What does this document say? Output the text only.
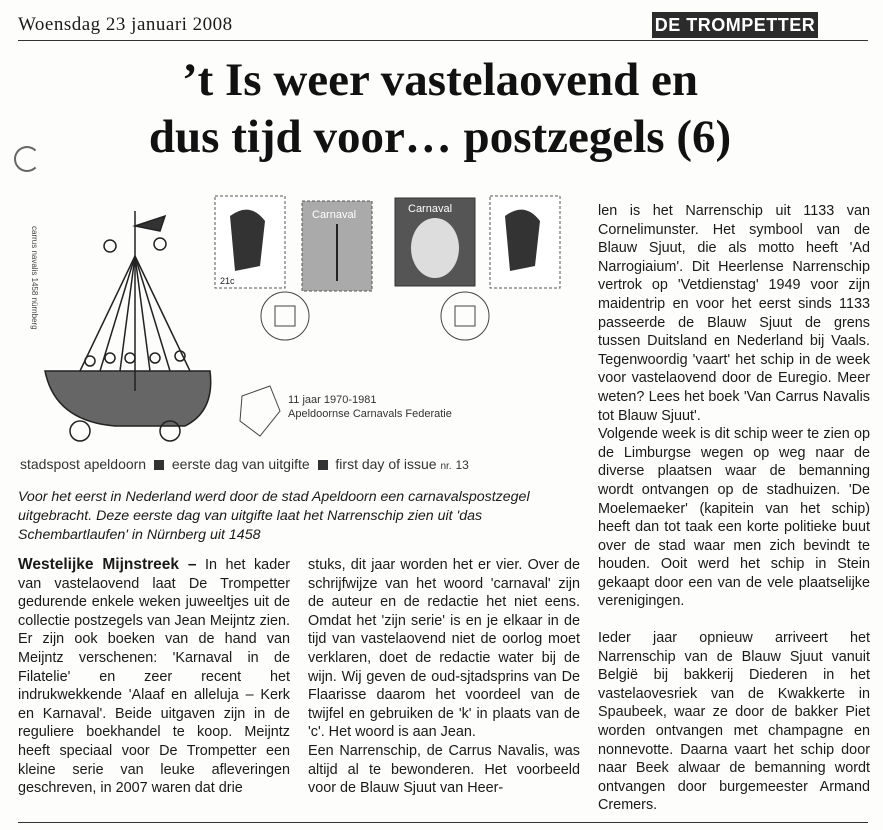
Woensdag 23 januari 2008	DE TROMPETTER
’t Is weer vastelaovend en
dus tijd voor… postzegels (6)
carrus navalis 1458 nürnberg	21c
Carnaval	Carnaval
11 jaar 1970-1981
Apeldoornse Carnavals Federatie
stadspost apeldoorn eerste dag van uitgifte first day of issue nr. 13
Voor het eerst in Nederland werd door de stad Apeldoorn een carnavalspostzegel uitgebracht. Deze eerste dag van uitgifte laat het Narrenschip zien uit 'das Schembartlaufen' in Nürnberg uit 1458

Westelijke Mijnstreek – In het kader van vastelaovend laat De Trompetter gedurende enkele weken juweeltjes uit de collectie postzegels van Jean Meijntz zien. Er zijn ook boeken van de hand van Meijntz verschenen: 'Karnaval in de Filatelie' en zeer recent het indrukwekkende 'Alaaf en alleluja – Kerk en Karnaval'. Beide uitgaven zijn in de reguliere boekhandel te koop. Meijntz heeft speciaal voor De Trompetter een kleine serie van leuke afleveringen geschreven, in 2007 waren dat drie

stuks, dit jaar worden het er vier. Over de schrijfwijze van het woord 'carnaval' zijn de auteur en de redactie het niet eens. Omdat het 'zijn serie' is en je elkaar in de tijd van vastelaovend niet de oorlog moet verklaren, doet de redactie water bij de wijn. Wij geven de oud-sjtadsprins van De Flaarisse daarom het voordeel van de twijfel en gebruiken de 'k' in plaats van de 'c'. Het woord is aan Jean.

Een Narrenschip, de Carrus Navalis, was altijd al te bewonderen. Het voorbeeld voor de Blauw Sjuut van Heer-

len is het Narrenschip uit 1133 van Cornelimunster. Het symbool van de Blauw Sjuut, die als motto heeft 'Ad Narrogiaium'. Dit Heerlense Narrenschip vertrok op 'Vetdienstag' 1949 voor zijn maidentrip en voor het eerst sinds 1133 passeerde de Blauw Sjuut de grens tussen Duitsland en Nederland bij Vaals. Tegenwoordig 'vaart' het schip in de week voor vastelaovend door de Euregio. Meer weten? Lees het boek 'Van Carrus Navalis tot Blauw Sjuut'.

Volgende week is dit schip weer te zien op de Limburgse wegen op weg naar de diverse plaatsen waar de bemanning wordt ontvangen op de stadhuizen. 'De Moelemaeker' (kapitein van het schip) heeft dan tot taak een korte politieke buut over de stad waar men zich bevindt te houden. Ooit werd het schip in Stein gekaapt door een van de vele plaatselijke verenigingen.

Ieder jaar opnieuw arriveert het Narrenschip van de Blauw Sjuut vanuit België bij bakkerij Diederen in het vastelaovesriek van de Kwakkerte in Spaubeek, waar ze door de bakker Piet worden ontvangen met champagne en nonnevotte. Daarna vaart het schip door naar Beek alwaar de bemanning wordt ontvangen door burgemeester Armand Cremers.
